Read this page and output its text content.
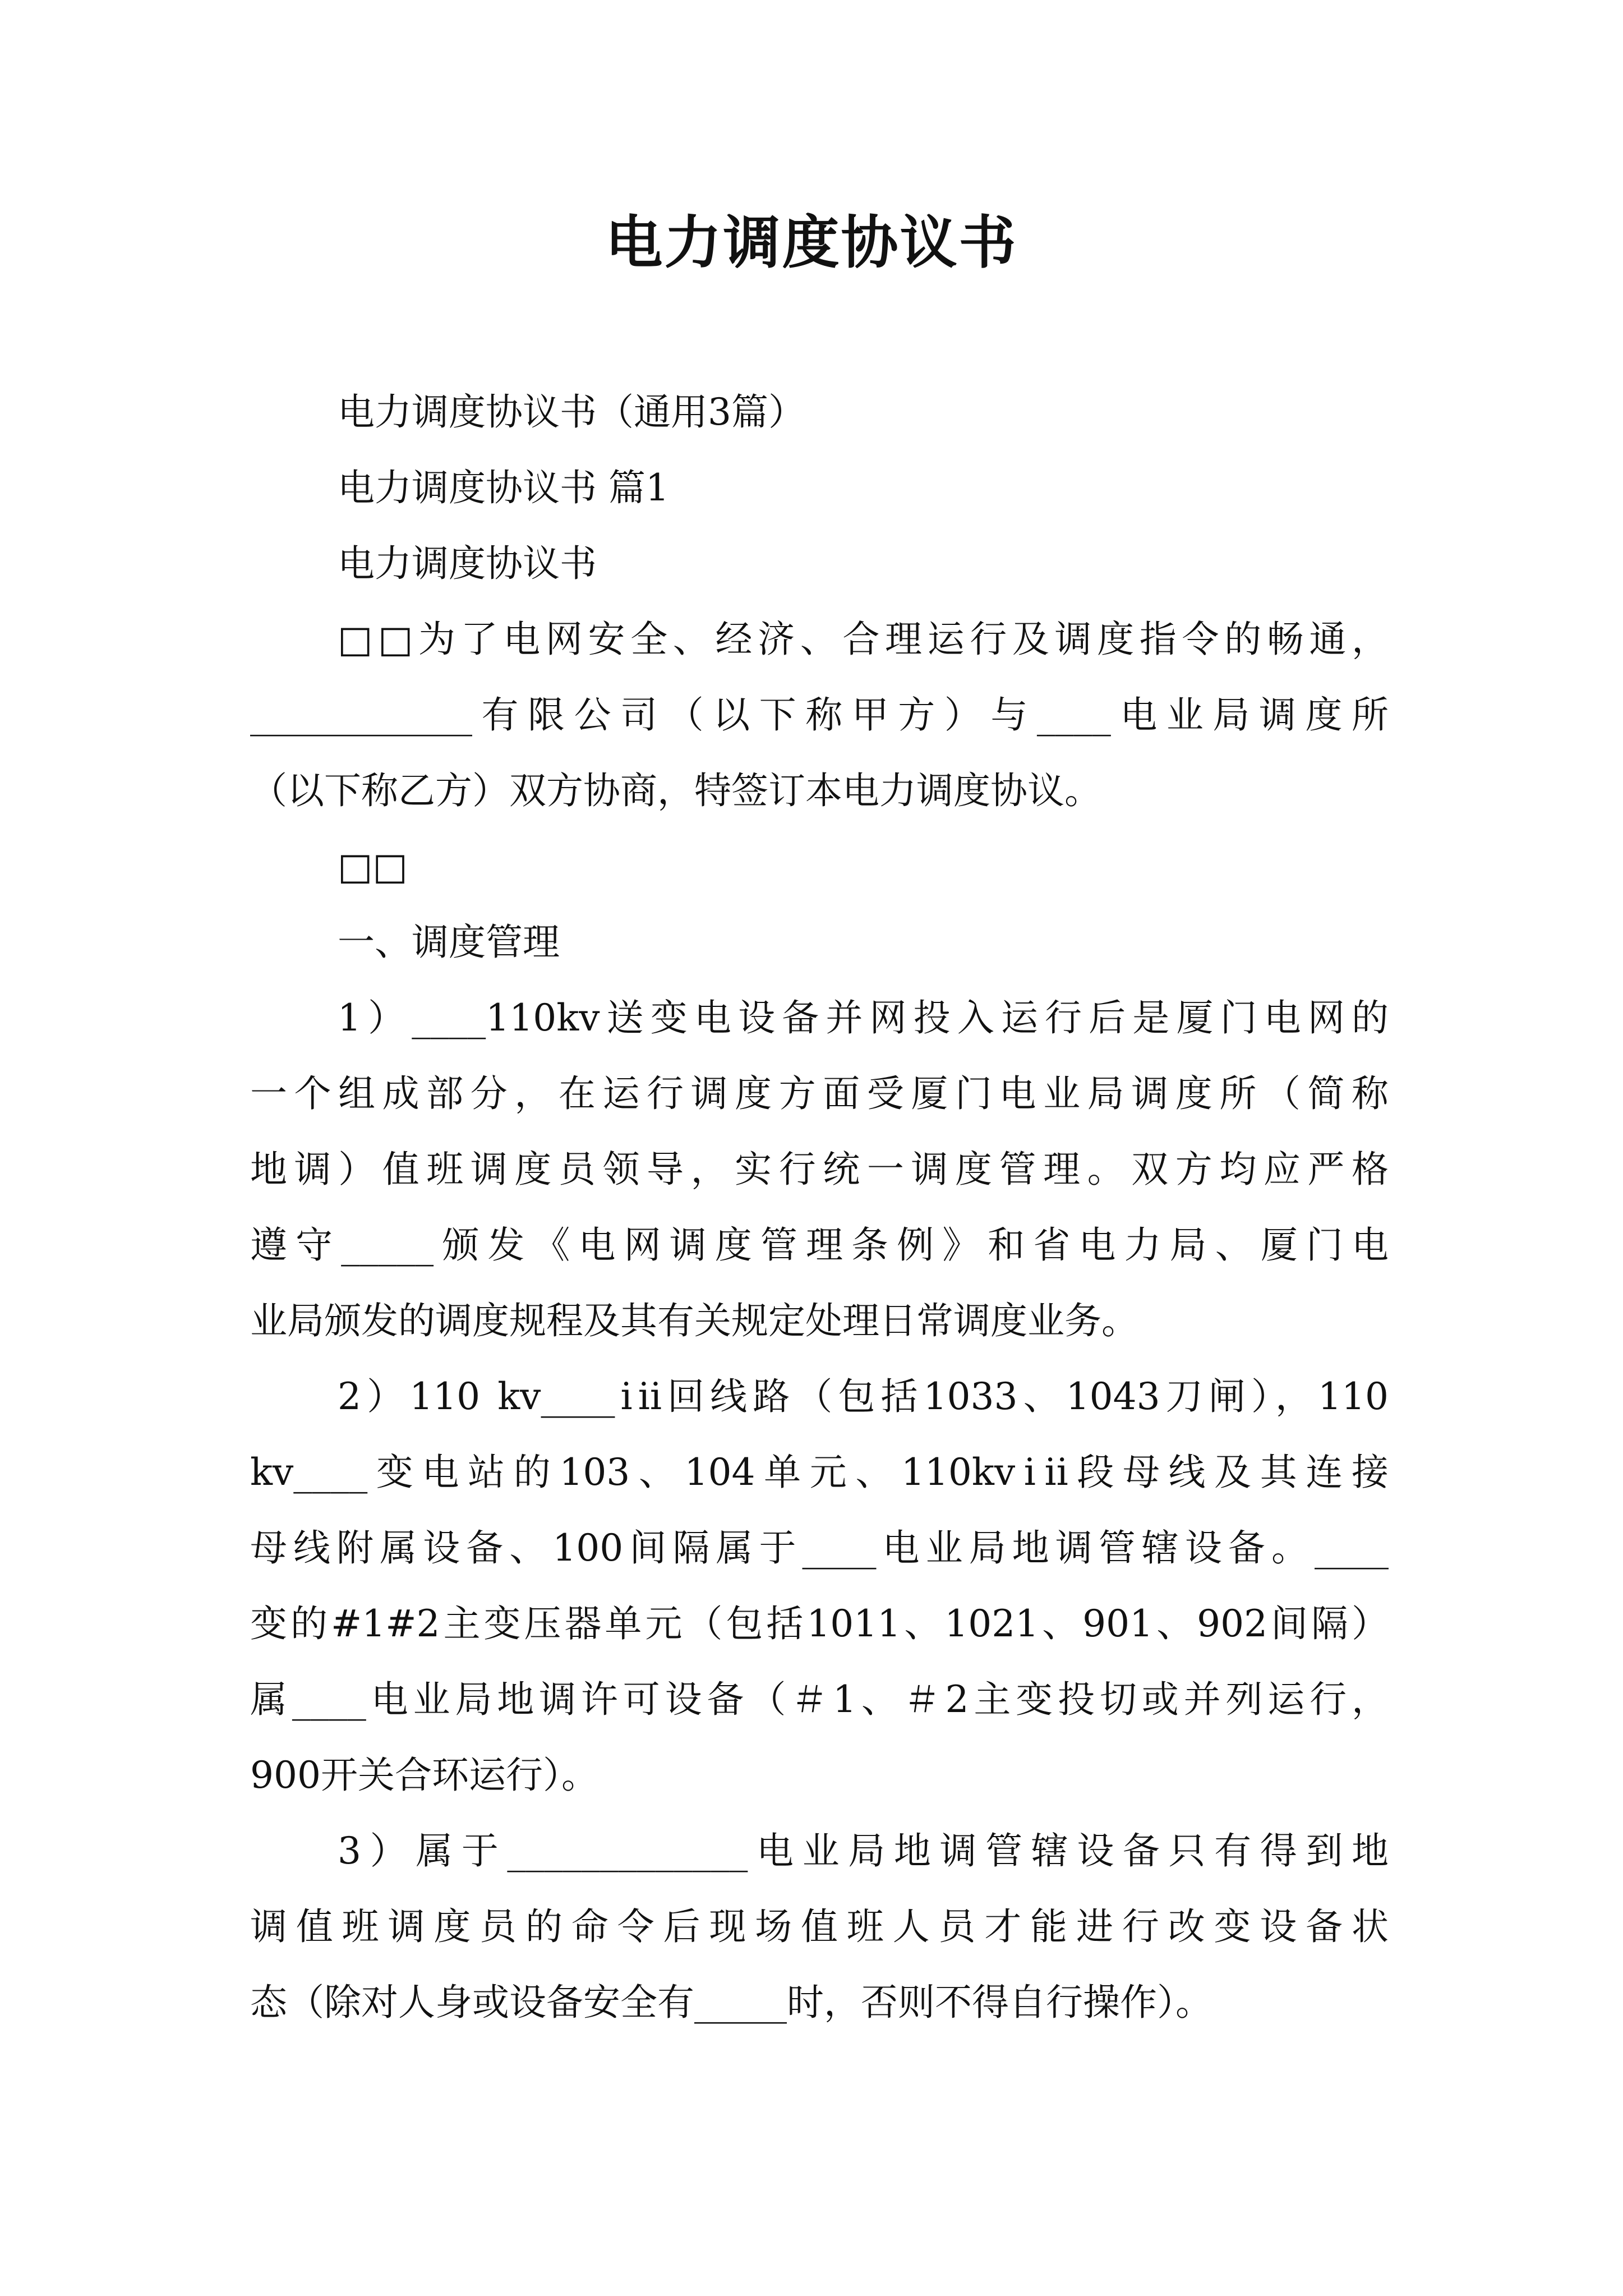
电力调度协议书
电力调度协议书（通用3篇）
电力调度协议书 篇1
电力调度协议书
□□为了电网安全、经济、合理运行及调度指令的畅通，
____________有限公司（以下称甲方）与____电业局调度所
（以下称乙方）双方协商，特签订本电力调度协议。
□□
一、调度管理
1）____110kv送变电设备并网投入运行后是厦门电网的
一个组成部分，在运行调度方面受厦门电业局调度所（简称
地调）值班调度员领导，实行统一调度管理。双方均应严格
遵守_____颁发《电网调度管理条例》和省电力局、厦门电
业局颁发的调度规程及其有关规定处理日常调度业务。
2）110 kv____ⅰⅱ回线路（包括1033、1043刀闸），110
kv____变电站的103、104单元、110kvⅰⅱ段母线及其连接
母线附属设备、100间隔属于____电业局地调管辖设备。____
变的#1#2主变压器单元（包括1011、1021、901、902间隔）
属____电业局地调许可设备（＃1、＃2主变投切或并列运行，
900开关合环运行）。
3）属于_____________电业局地调管辖设备只有得到地
调值班调度员的命令后现场值班人员才能进行改变设备状
态（除对人身或设备安全有_____时，否则不得自行操作）。
